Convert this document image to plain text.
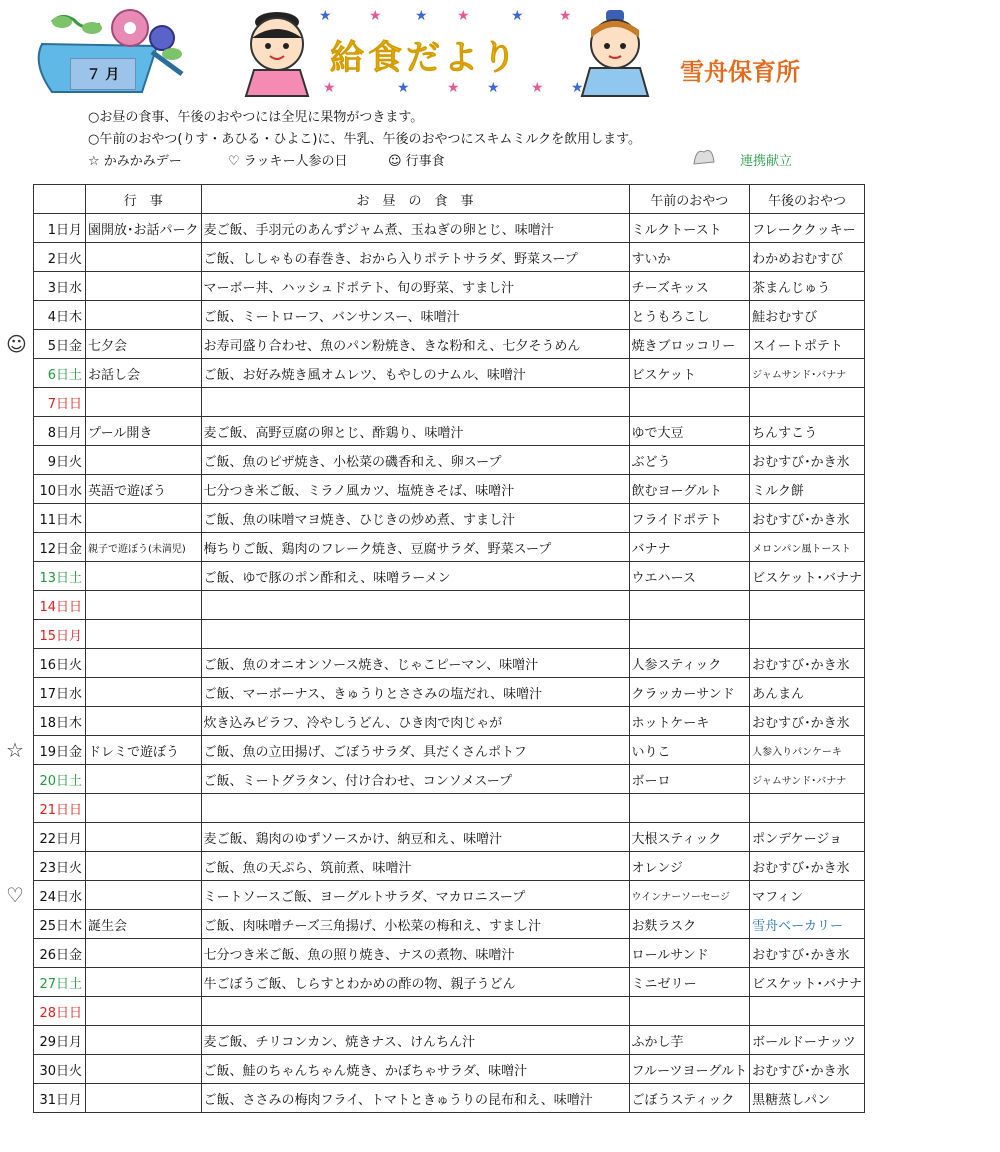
★	★ ★ ★	★	★
★	★	★ ★ ★ ★
７ 月	給食だより	雪舟保育所
○お昼の食事、午後のおやつには全児に果物がつきます。
○午前のおやつ(りす・あひる・ひよこ)に、牛乳、午後のおやつにスキムミルクを飲用します。
☆ かみかみデー	♡ ラッキー人参の日	☺ 行事食	連携献立
	行　事	お　昼　の　食　事	午前のおやつ	午後のおやつ
1日月	園開放･お話パーク	麦ご飯、手羽元のあんずジャム煮、玉ねぎの卵とじ、味噌汁	ミルクトースト	フレーククッキー
2日火		ご飯、ししゃもの春巻き、おから入りポテトサラダ、野菜スープ	すいか	わかめおむすび
3日水		マーボー丼、ハッシュドポテト、旬の野菜、すまし汁	チーズキッス	茶まんじゅう
4日木		ご飯、ミートローフ、バンサンスー、味噌汁	とうもろこし	鮭おむすび
5日金	七夕会	お寿司盛り合わせ、魚のパン粉焼き、きな粉和え、七夕そうめん	焼きブロッコリー	スイートポテト
6日土	お話し会	ご飯、お好み焼き風オムレツ、もやしのナムル、味噌汁	ビスケット	ジャムサンド･バナナ
7日日				
8日月	プール開き	麦ご飯、高野豆腐の卵とじ、酢鶏り、味噌汁	ゆで大豆	ちんすこう
9日火		ご飯、魚のピザ焼き、小松菜の磯香和え、卵スープ	ぶどう	おむすび･かき氷
10日水	英語で遊ぼう	七分つき米ご飯、ミラノ風カツ、塩焼きそば、味噌汁	飲むヨーグルト	ミルク餅
11日木		ご飯、魚の味噌マヨ焼き、ひじきの炒め煮、すまし汁	フライドポテト	おむすび･かき氷
12日金	親子で遊ぼう(未満児)	梅ちりご飯、鶏肉のフレーク焼き、豆腐サラダ、野菜スープ	バナナ	メロンパン風トースト
13日土		ご飯、ゆで豚のポン酢和え、味噌ラーメン	ウエハース	ビスケット･バナナ
14日日				
15日月				
16日火		ご飯、魚のオニオンソース焼き、じゃこピーマン、味噌汁	人参スティック	おむすび･かき氷
17日水		ご飯、マーボーナス、きゅうりとささみの塩だれ、味噌汁	クラッカーサンド	あんまん
18日木		炊き込みピラフ、冷やしうどん、ひき肉で肉じゃが	ホットケーキ	おむすび･かき氷
19日金	ドレミで遊ぼう	ご飯、魚の立田揚げ、ごぼうサラダ、具だくさんポトフ	いりこ	人参入りパンケーキ
20日土		ご飯、ミートグラタン、付け合わせ、コンソメスープ	ボーロ	ジャムサンド･バナナ
21日日				
22日月		麦ご飯、鶏肉のゆずソースかけ、納豆和え、味噌汁	大根スティック	ポンデケージョ
23日火		ご飯、魚の天ぷら、筑前煮、味噌汁	オレンジ	おむすび･かき氷
24日水		ミートソースご飯、ヨーグルトサラダ、マカロニスープ	ウインナーソーセージ	マフィン
25日木	誕生会	ご飯、肉味噌チーズ三角揚げ、小松菜の梅和え、すまし汁	お麩ラスク	雪舟ベーカリー
26日金		七分つき米ご飯、魚の照り焼き、ナスの煮物、味噌汁	ロールサンド	おむすび･かき氷
27日土		牛ごぼうご飯、しらすとわかめの酢の物、親子うどん	ミニゼリー	ビスケット･バナナ
28日日				
29日月		麦ご飯、チリコンカン、焼きナス、けんちん汁	ふかし芋	ボールドーナッツ
30日火		ご飯、鮭のちゃんちゃん焼き、かぼちゃサラダ、味噌汁	フルーツヨーグルト	おむすび･かき氷
31日月		ご飯、ささみの梅肉フライ、トマトときゅうりの昆布和え、味噌汁	ごぼうスティック	黒糖蒸しパン
☺
☆
♡
